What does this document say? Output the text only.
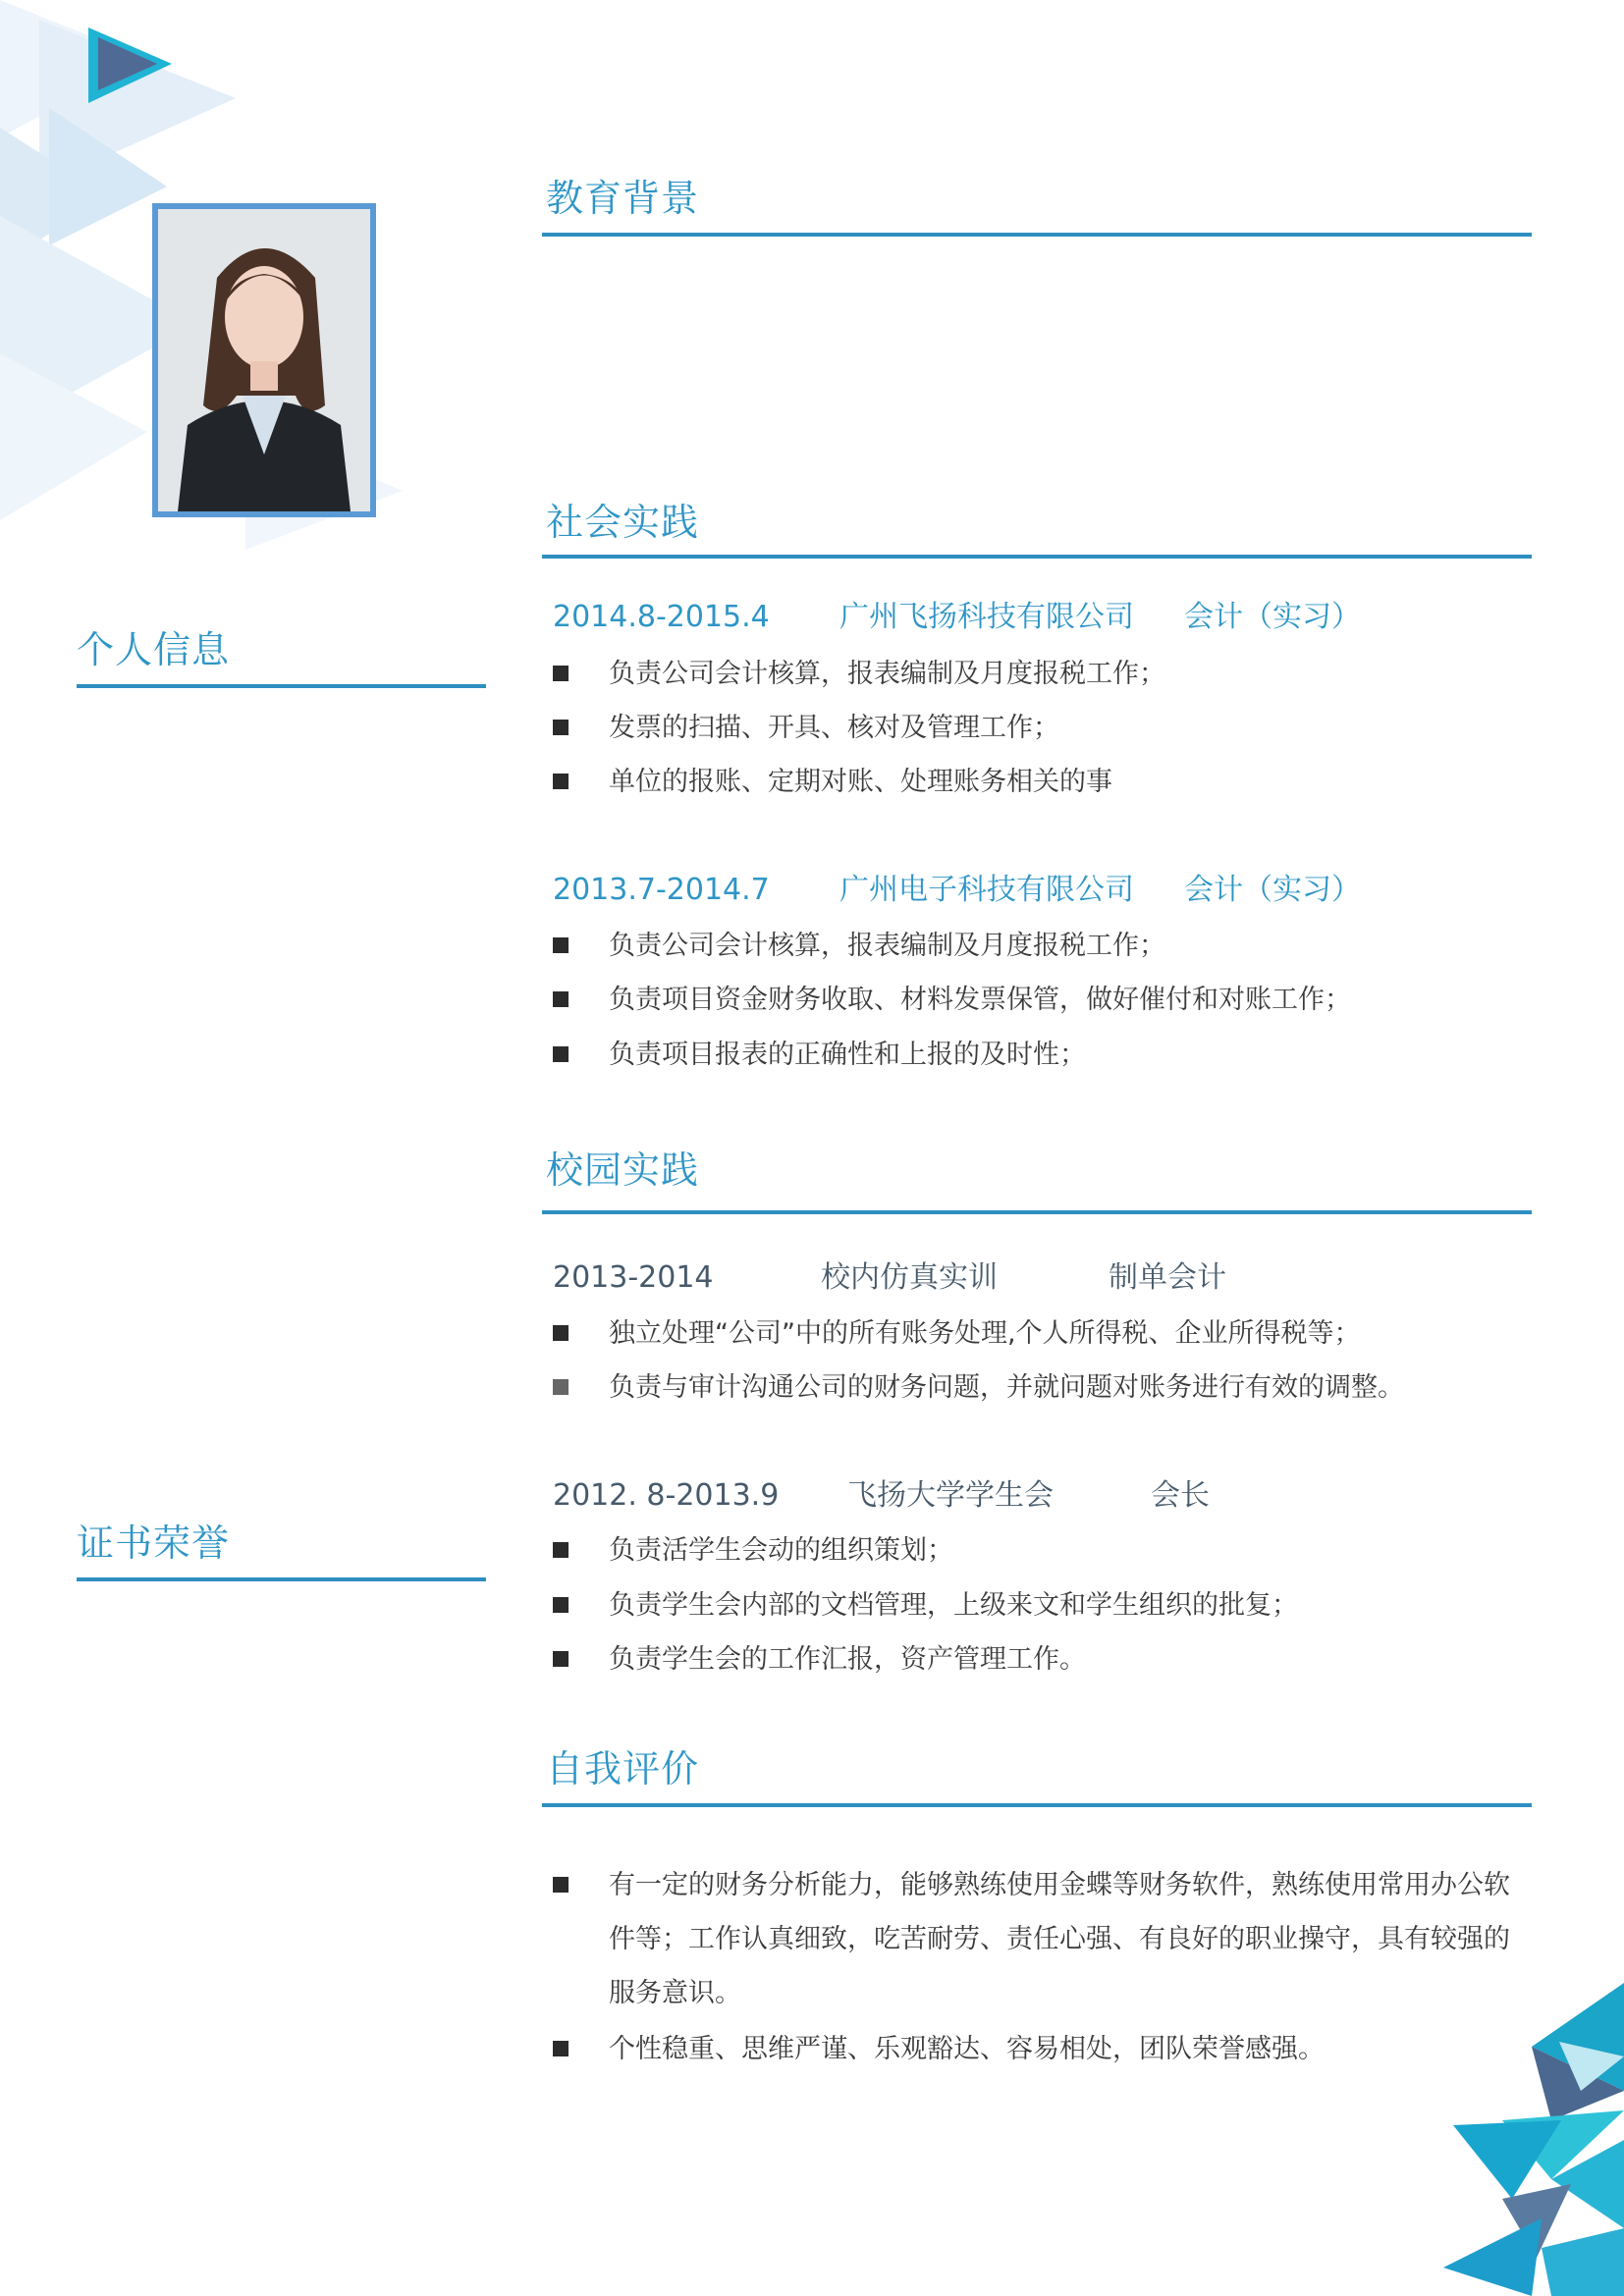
个人信息
证书荣誉
教育背景
社会实践
2014.8-2015.4 广州飞扬科技有限公司 会计（实习）
负责公司会计核算，报表编制及月度报税工作；
发票的扫描、开具、核对及管理工作；
单位的报账、定期对账、处理账务相关的事
2013.7-2014.7 广州电子科技有限公司 会计（实习）
负责公司会计核算，报表编制及月度报税工作；
负责项目资金财务收取、材料发票保管，做好催付和对账工作；
负责项目报表的正确性和上报的及时性；
校园实践
2013-2014	校内仿真实训	制单会计
独立处理“公司”中的所有账务处理,个人所得税、企业所得税等；
负责与审计沟通公司的财务问题，并就问题对账务进行有效的调整。
2012. 8-2013.9 飞扬大学学生会	会长
负责活学生会动的组织策划；
负责学生会内部的文档管理，上级来文和学生组织的批复；
负责学生会的工作汇报，资产管理工作。
自我评价
有一定的财务分析能力，能够熟练使用金蝶等财务软件，熟练使用常用办公软件等；工作认真细致，吃苦耐劳、责任心强、有良好的职业操守，具有较强的服务意识。
个性稳重、思维严谨、乐观豁达、容易相处，团队荣誉感强。
